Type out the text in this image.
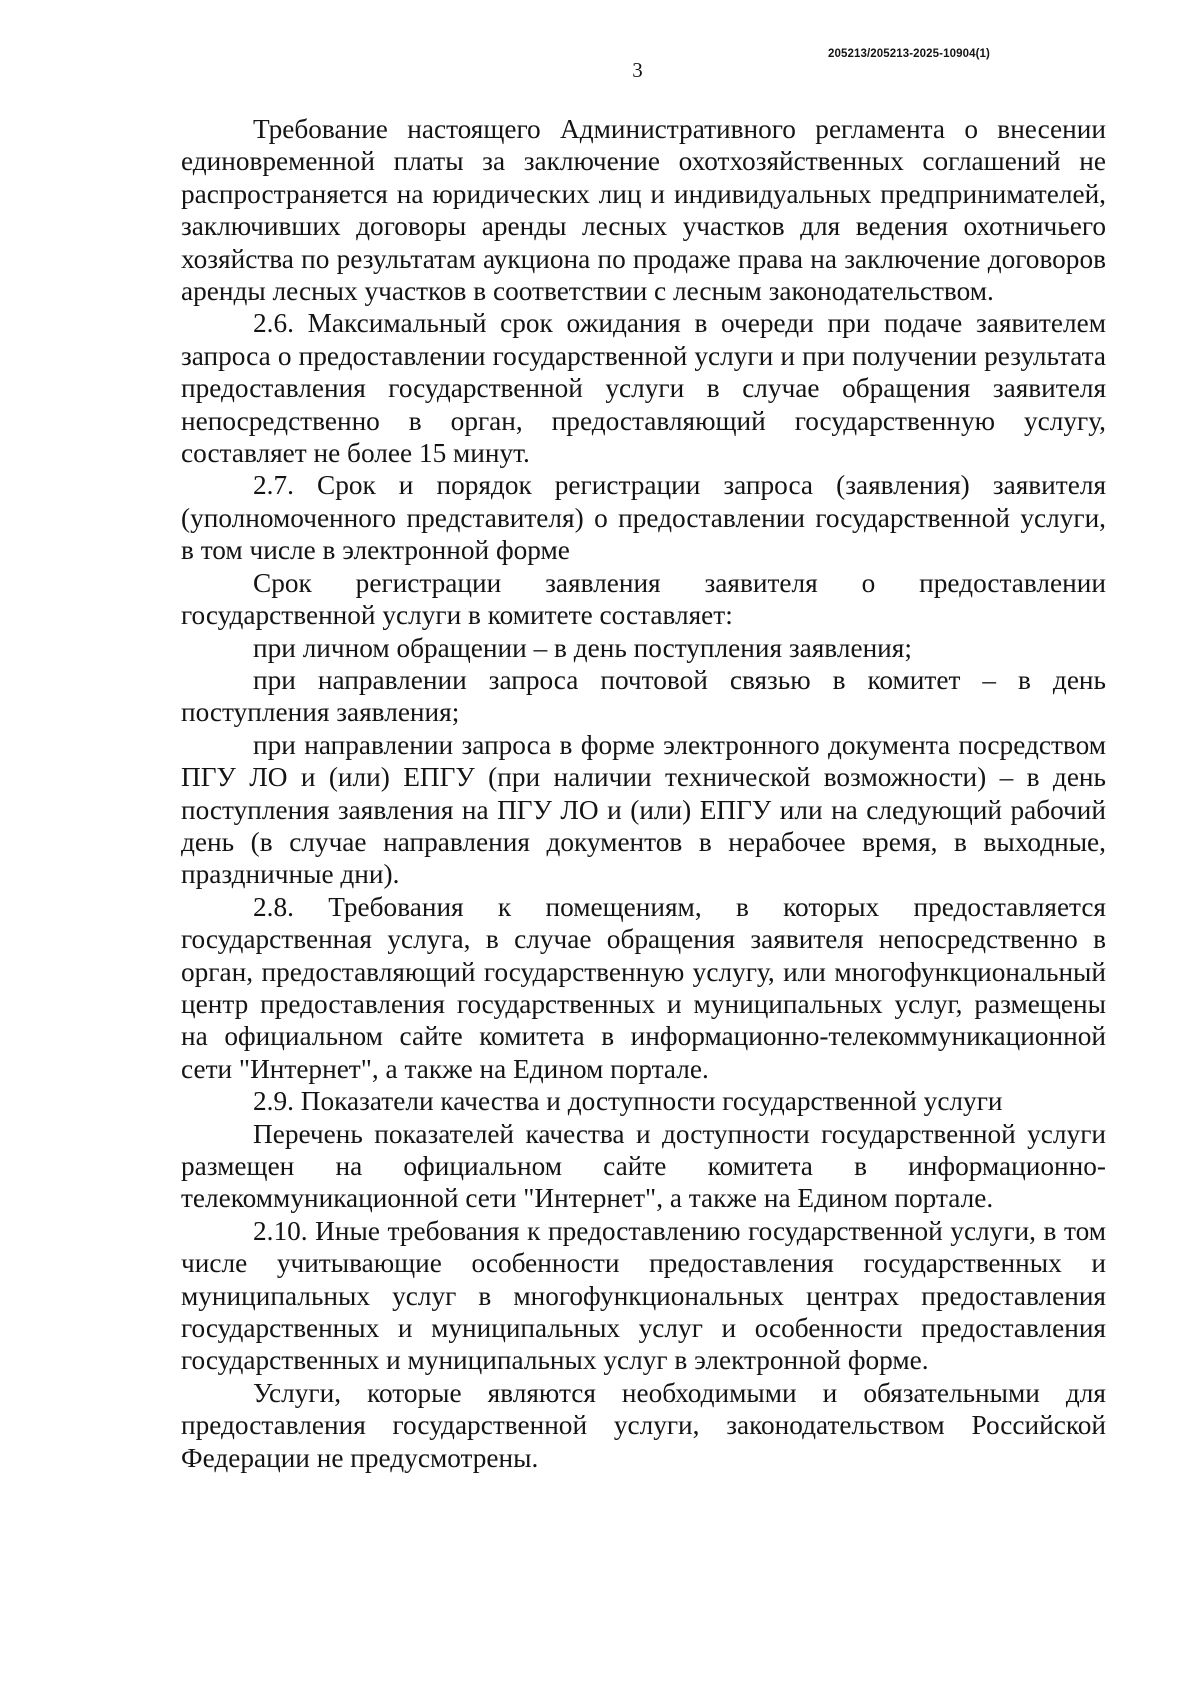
3
205213/205213-2025-10904(1)

Требование настоящего Административного регламента о внесении единовременной платы за заключение охотхозяйственных соглашений не распространяется на юридических лиц и индивидуальных предпринимателей, заключивших договоры аренды лесных участков для ведения охотничьего хозяйства по результатам аукциона по продаже права на заключение договоров аренды лесных участков в соответствии с лесным законодательством.

2.6. Максимальный срок ожидания в очереди при подаче заявителем запроса о предоставлении государственной услуги и при получении результата предоставления государственной услуги в случае обращения заявителя непосредственно в орган, предоставляющий государственную услугу, составляет не более 15 минут.

2.7. Срок и порядок регистрации запроса (заявления) заявителя (уполномоченного представителя) о предоставлении государственной услуги, в том числе в электронной форме

Срок регистрации заявления заявителя о предоставлении государственной услуги в комитете составляет:

при личном обращении – в день поступления заявления;

при направлении запроса почтовой связью в комитет – в день поступления заявления;

при направлении запроса в форме электронного документа посредством ПГУ ЛО и (или) ЕПГУ (при наличии технической возможности) – в день поступления заявления на ПГУ ЛО и (или) ЕПГУ или на следующий рабочий день (в случае направления документов в нерабочее время, в выходные, праздничные дни).

2.8. Требования к помещениям, в которых предоставляется государственная услуга, в случае обращения заявителя непосредственно в орган, предоставляющий государственную услугу, или многофункциональный центр предоставления государственных и муниципальных услуг, размещены на официальном сайте комитета в информационно-телекоммуникационной сети "Интернет", а также на Едином портале.

2.9. Показатели качества и доступности государственной услуги

Перечень показателей качества и доступности государственной услуги размещен на официальном сайте комитета в информационно-телекоммуникационной сети "Интернет", а также на Едином портале.

2.10. Иные требования к предоставлению государственной услуги, в том числе учитывающие особенности предоставления государственных и муниципальных услуг в многофункциональных центрах предоставления государственных и муниципальных услуг и особенности предоставления государственных и муниципальных услуг в электронной форме.

Услуги, которые являются необходимыми и обязательными для предоставления государственной услуги, законодательством Российской Федерации не предусмотрены.
